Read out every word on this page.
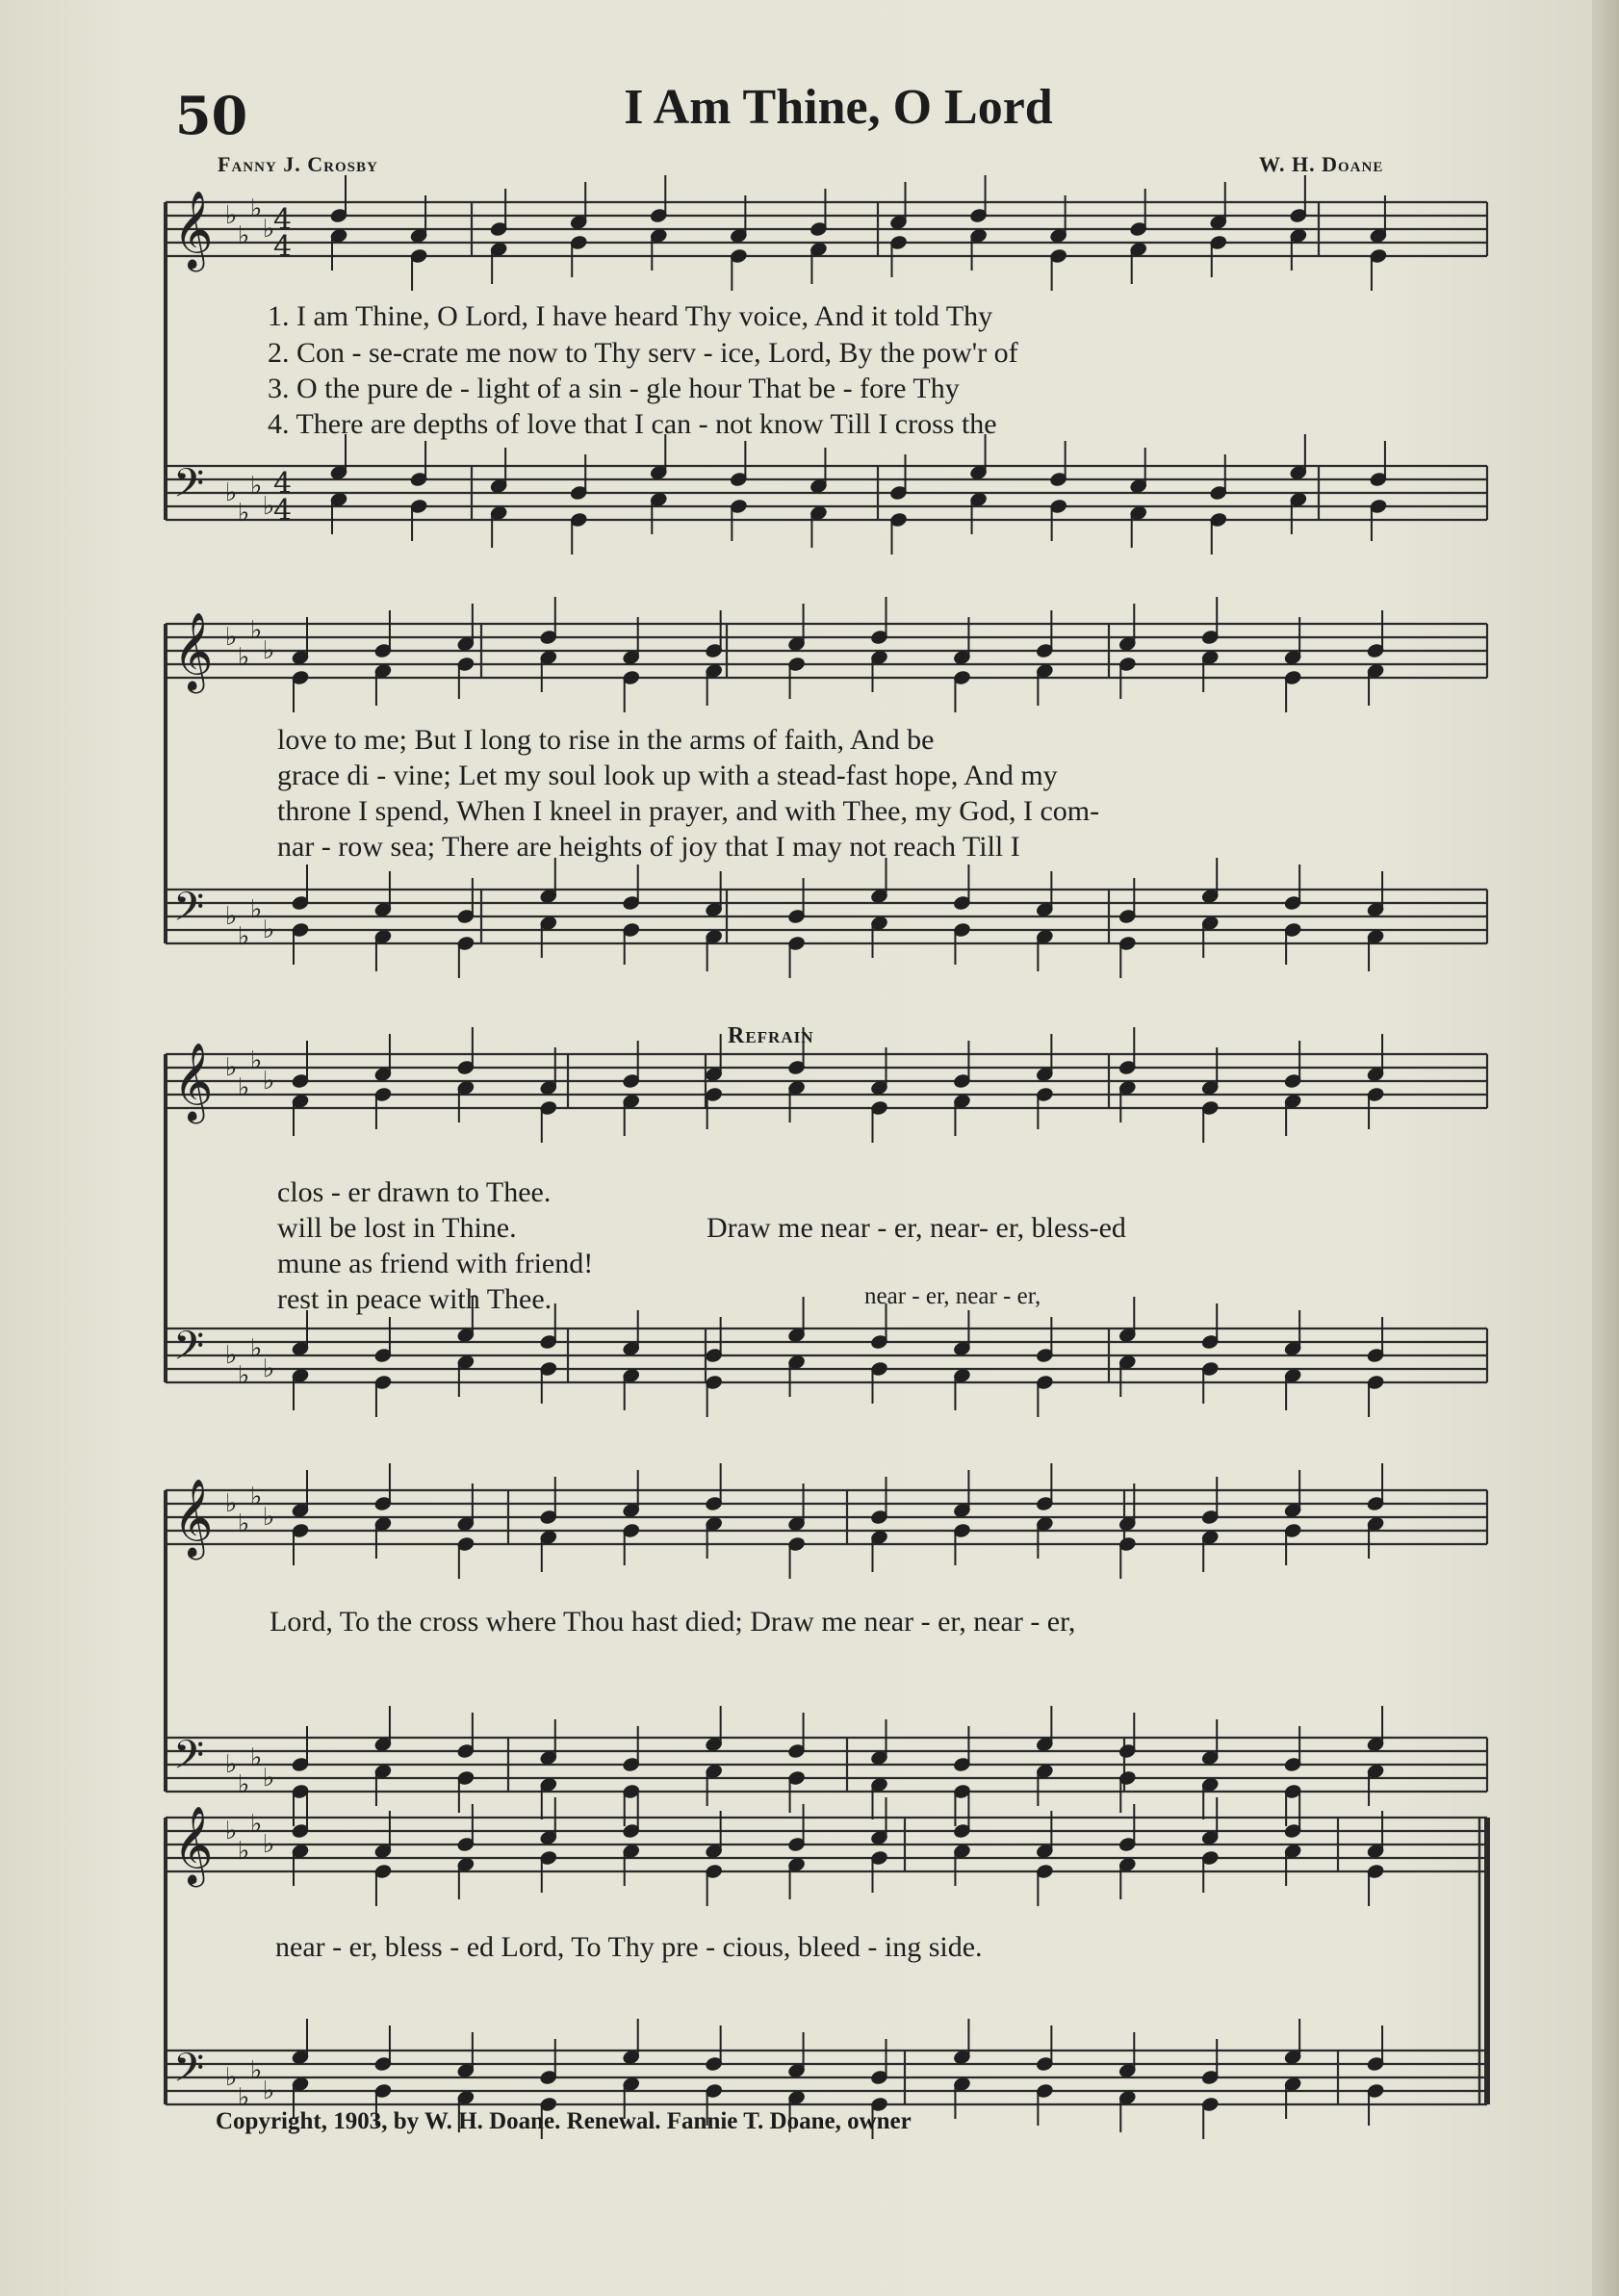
50	I Am Thine, O Lord
Fanny J. Crosby	W. H. Doane
𝄞 ♭
♭
♭
♭
4
4
𝄢 ♭
♭
♭
♭
4
4
𝄞 ♭
♭
♭
♭
𝄢 ♭
♭
♭
♭
𝄞 ♭
♭
♭
♭
𝄢 ♭
♭
♭
♭
𝄞 ♭
♭
♭
♭
𝄢 ♭
♭
♭
♭
𝄞 ♭
♭
♭
♭
𝄢 ♭
♭
♭
♭
1. I am Thine, O Lord, I have heard Thy voice, And it told Thy
2. Con - se-crate me now to Thy serv - ice, Lord, By the pow'r of
3. O the pure de - light of a sin - gle hour That be - fore Thy
4. There are depths of love that I can - not know Till I cross the
love to me; But I long to rise in the arms of faith, And be
grace di - vine; Let my soul look up with a stead-fast hope, And my
throne I spend, When I kneel in prayer, and with Thee, my God, I com-
nar - row sea; There are heights of joy that I may not reach Till I
Refrain
clos - er drawn to Thee.
will be lost in Thine.
mune as friend with friend!
rest in peace with Thee.
Draw me near - er, near- er, bless-ed
near - er, near - er,
Lord, To the cross where Thou hast died; Draw me near - er, near - er,
near - er, bless - ed Lord, To Thy pre - cious, bleed - ing side.
Copyright, 1903, by W. H. Doane. Renewal. Fannie T. Doane, owner
